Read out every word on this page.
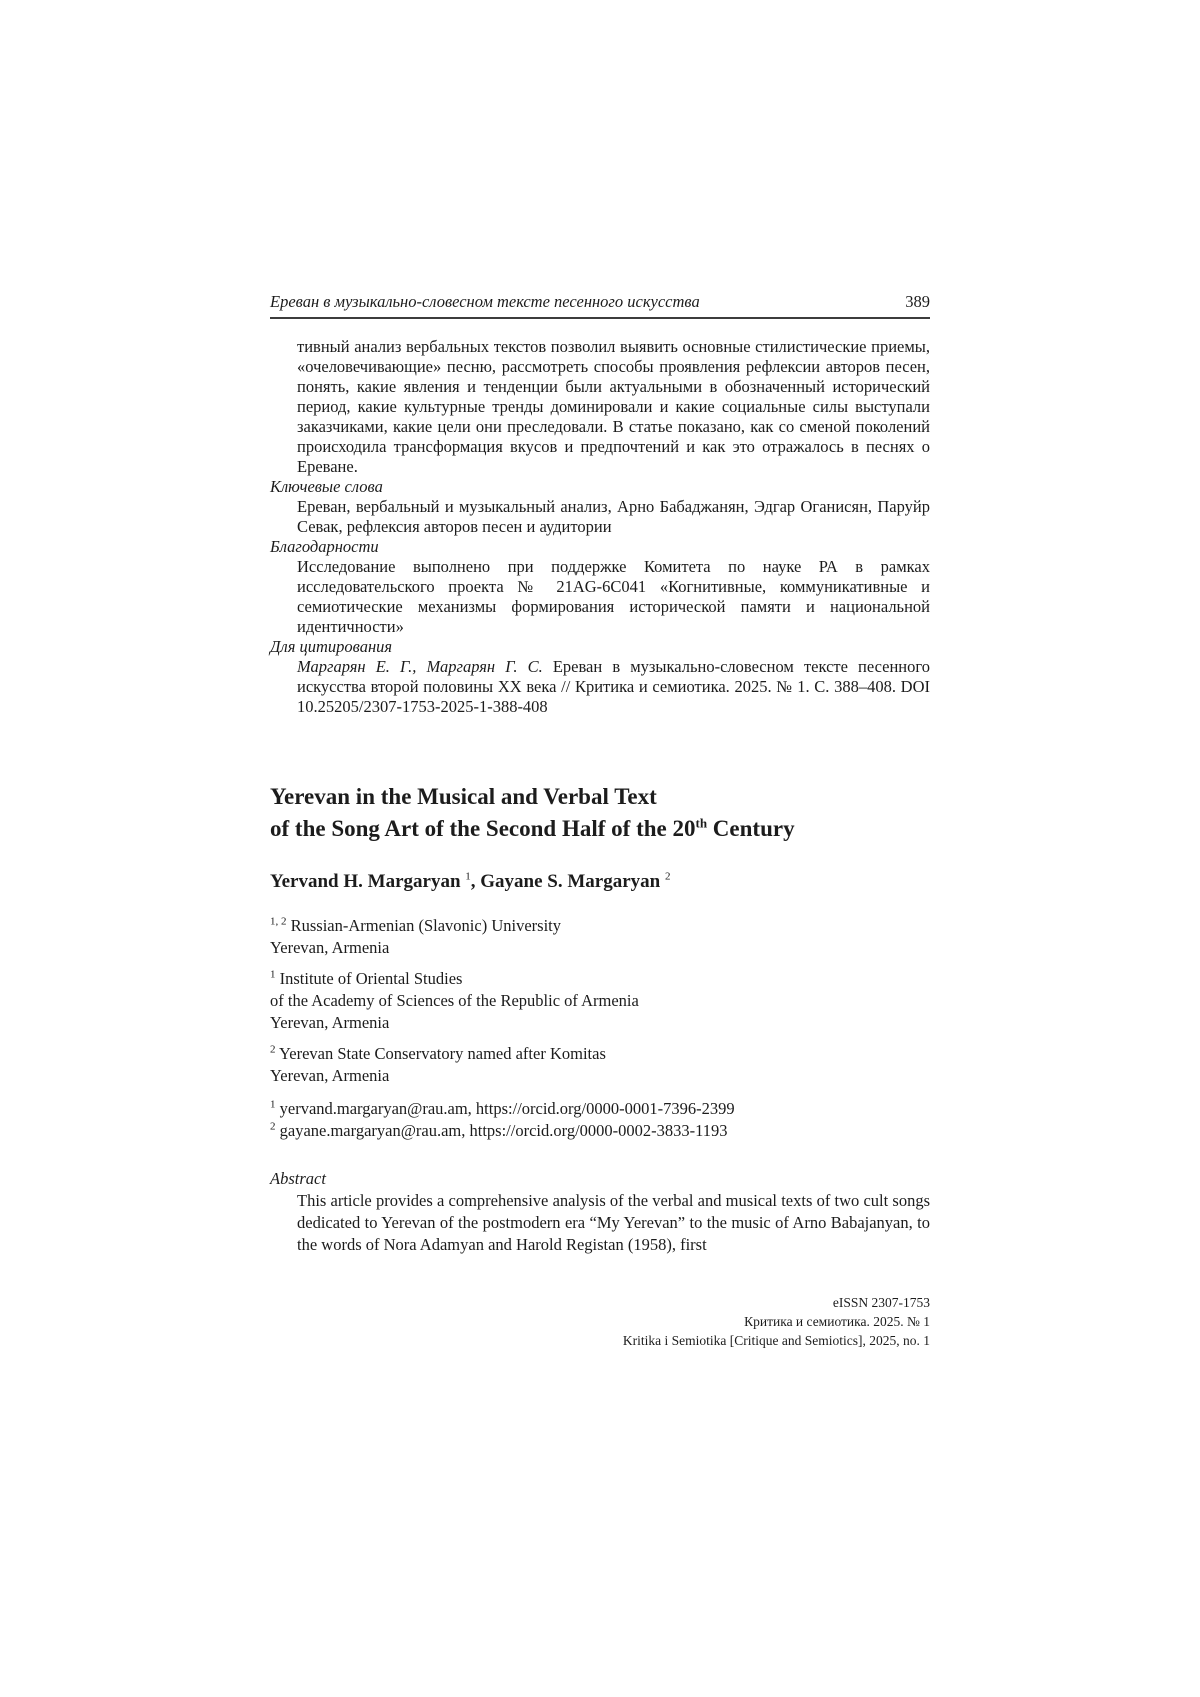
Ереван в музыкально-словесном тексте песенного искусства	389

тивный анализ вербальных текстов позволил выявить основные стилистические приемы, «очеловечивающие» песню, рассмотреть способы проявления рефлексии авторов песен, понять, какие явления и тенденции были актуальными в обозначенный исторический период, какие культурные тренды доминировали и какие социальные силы выступали заказчиками, какие цели они преследовали. В статье показано, как со сменой поколений происходила трансформация вкусов и предпочтений и как это отражалось в песнях о Ереване.

Ключевые слова

Ереван, вербальный и музыкальный анализ, Арно Бабаджанян, Эдгар Оганисян, Паруйр Севак, рефлексия авторов песен и аудитории

Благодарности

Исследование выполнено при поддержке Комитета по науке РА в рамках исследовательского проекта № 21AG-6C041 «Когнитивные, коммуникативные и семиотические механизмы формирования исторической памяти и национальной идентичности»

Для цитирования

Маргарян Е. Г., Маргарян Г. С. Ереван в музыкально-словесном тексте песенного искусства второй половины XX века // Критика и семиотика. 2025. № 1. С. 388–408. DOI 10.25205/2307-1753-2025-1-388-408

Yerevan in the Musical and Verbal Text
of the Song Art of the Second Half of the 20th Century

Yervand H. Margaryan $^1$, Gayane S. Margaryan $^2$

$^{1, 2}$ Russian-Armenian (Slavonic) University

Yerevan, Armenia

$^1$ Institute of Oriental Studies

of the Academy of Sciences of the Republic of Armenia

Yerevan, Armenia

$^2$ Yerevan State Conservatory named after Komitas

Yerevan, Armenia

$^1$ yervand.margaryan@rau.am, https://orcid.org/0000-0001-7396-2399

$^2$ gayane.margaryan@rau.am, https://orcid.org/0000-0002-3833-1193

Abstract

This article provides a comprehensive analysis of the verbal and musical texts of two cult songs dedicated to Yerevan of the postmodern era “My Yerevan” to the music of Arno Babajanyan, to the words of Nora Adamyan and Harold Registan (1958), first

eISSN 2307-1753

Критика и семиотика. 2025. № 1

Kritika i Semiotika [Critique and Semiotics], 2025, no. 1
